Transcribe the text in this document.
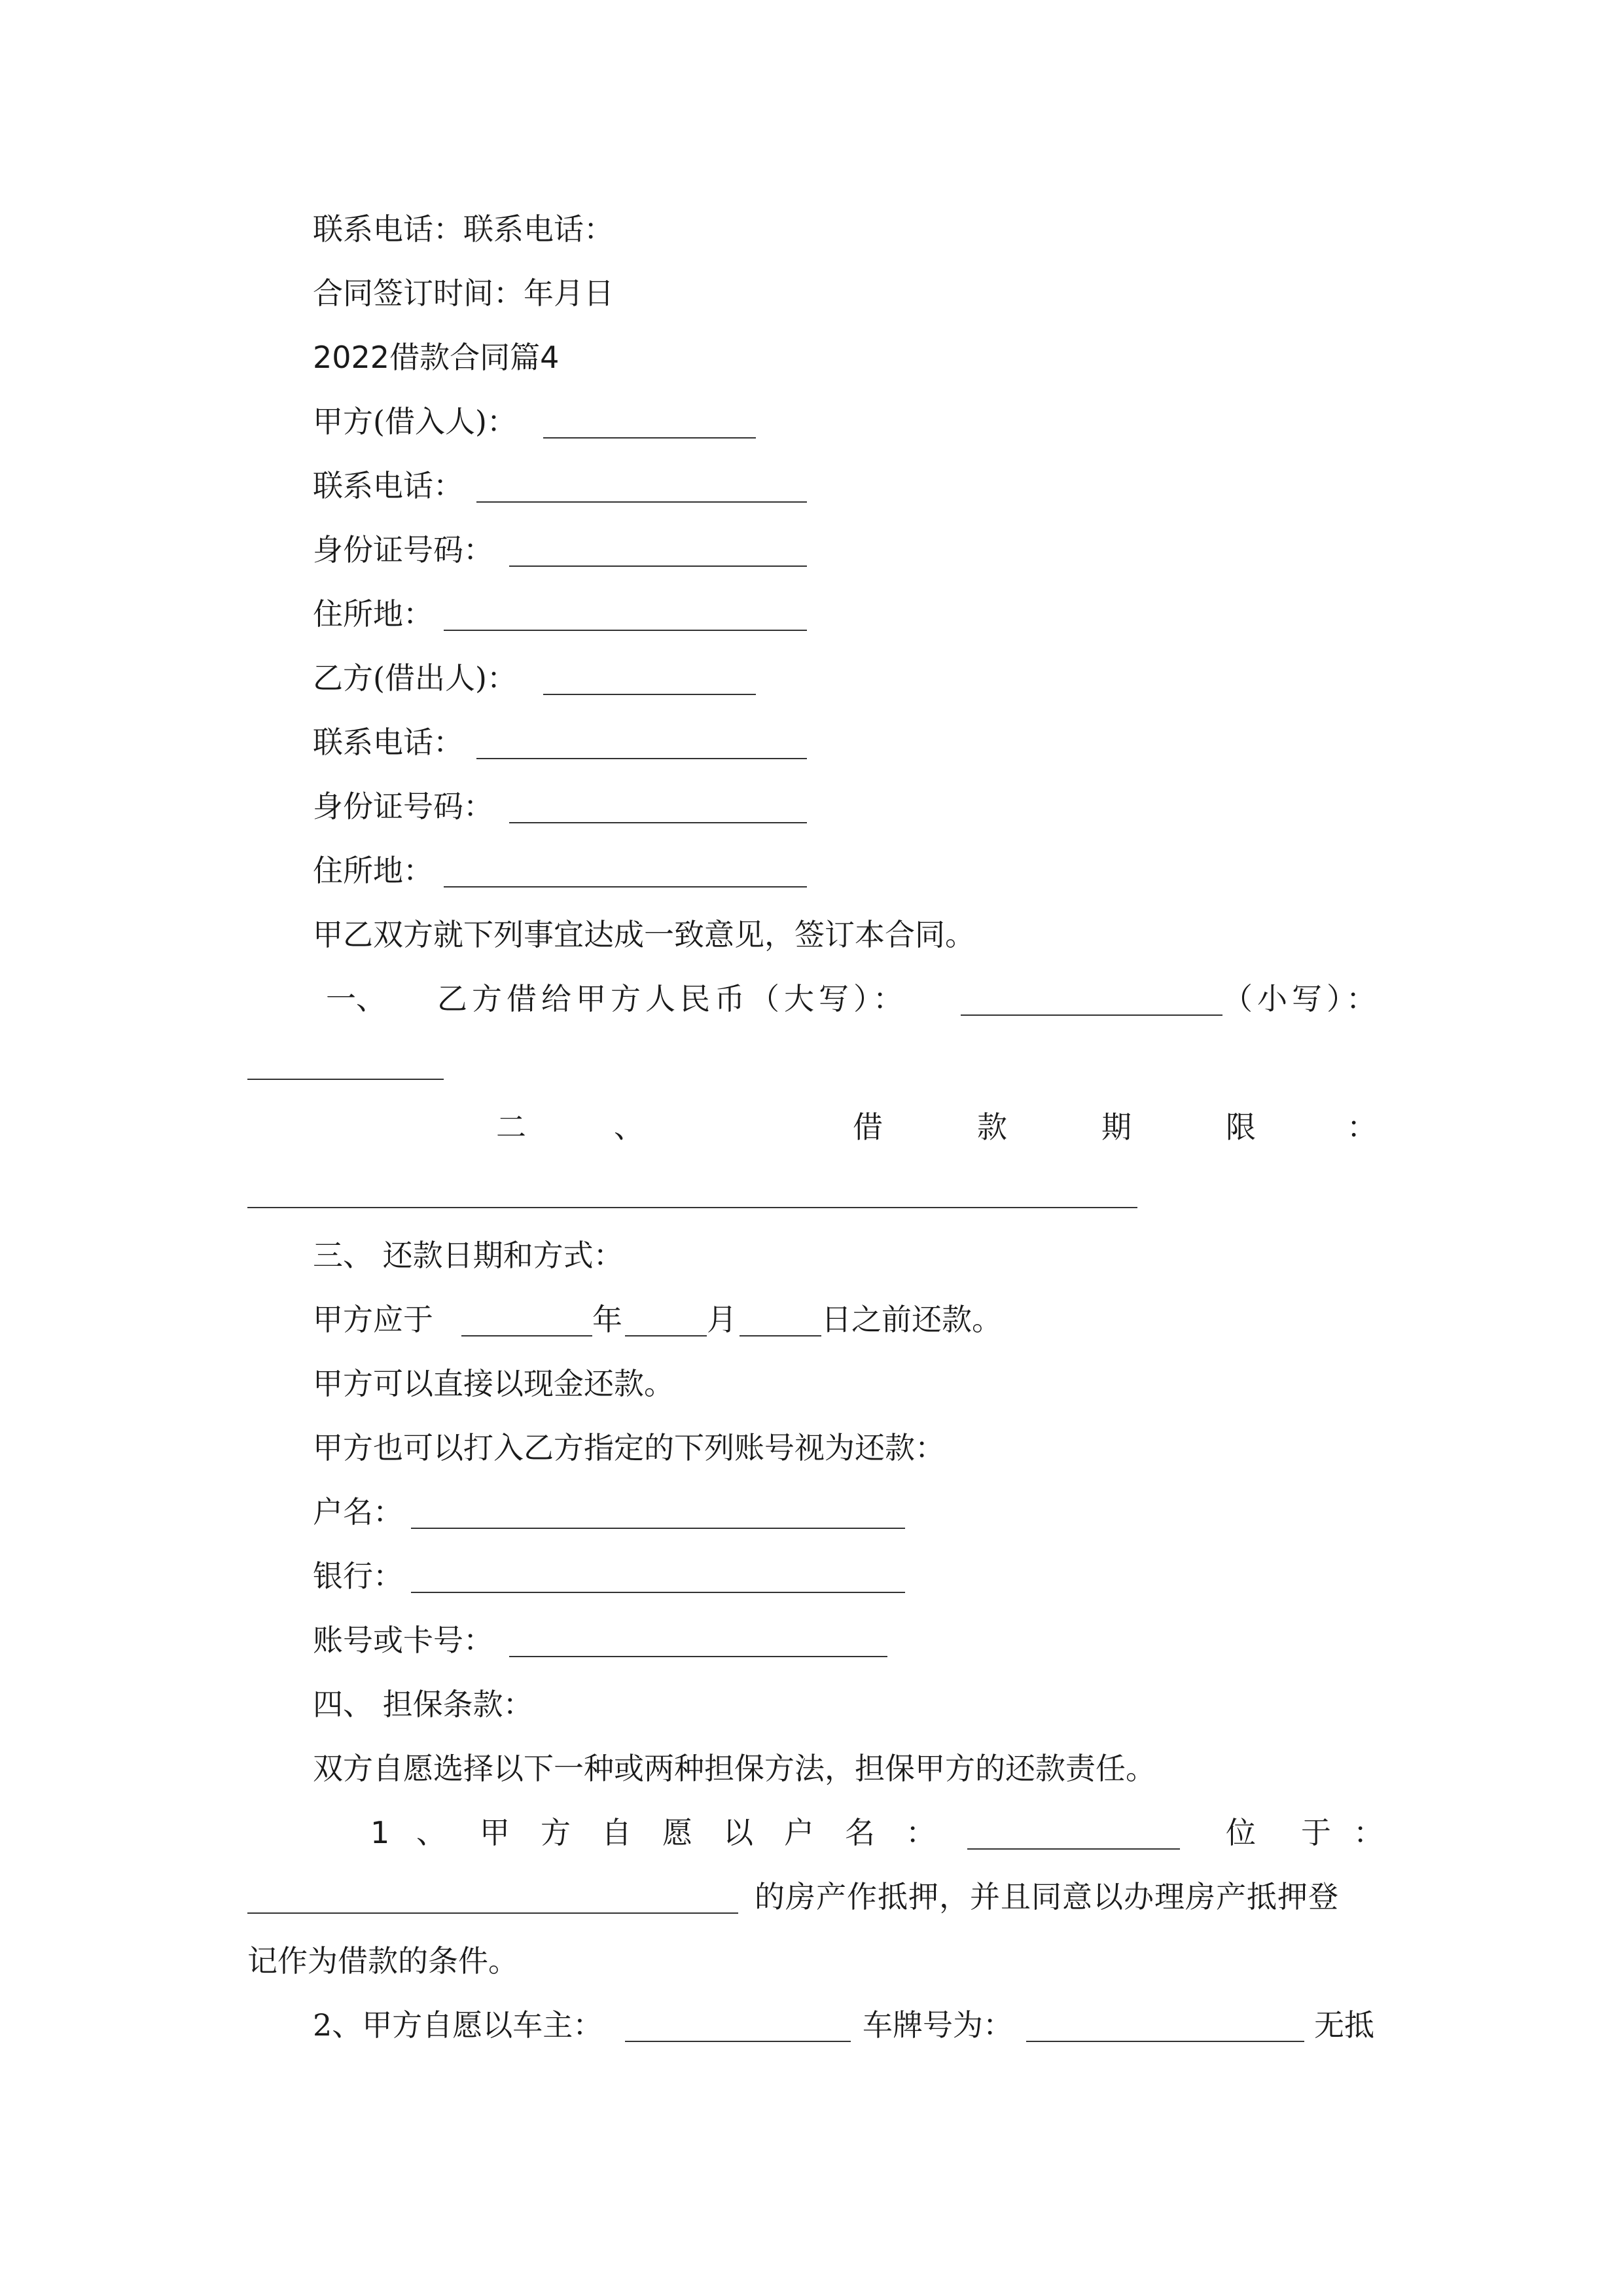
联系电话：联系电话：
合同签订时间：年月日
2022借款合同篇4
甲方(借入人)：
联系电话：
身份证号码：
住所地：
乙方(借出人)：
联系电话：
身份证号码：
住所地：
甲乙双方就下列事宜达成一致意见，签订本合同。
一、 乙方借给甲方人民币（大写）：	（小写）：
二	、	借	款	期	限	：
三、 还款日期和方式：
甲方应于	年	月	日之前还款。
甲方可以直接以现金还款。
甲方也可以打入乙方指定的下列账号视为还款：
户名：
银行：
账号或卡号：
四、 担保条款：
双方自愿选择以下一种或两种担保方法，担保甲方的还款责任。
1 、 甲 方 自 愿 以 户 名 ：	位 于 ：
的房产作抵押，并且同意以办理房产抵押登
记作为借款的条件。
2、甲方自愿以车主：	车牌号为：	无抵
